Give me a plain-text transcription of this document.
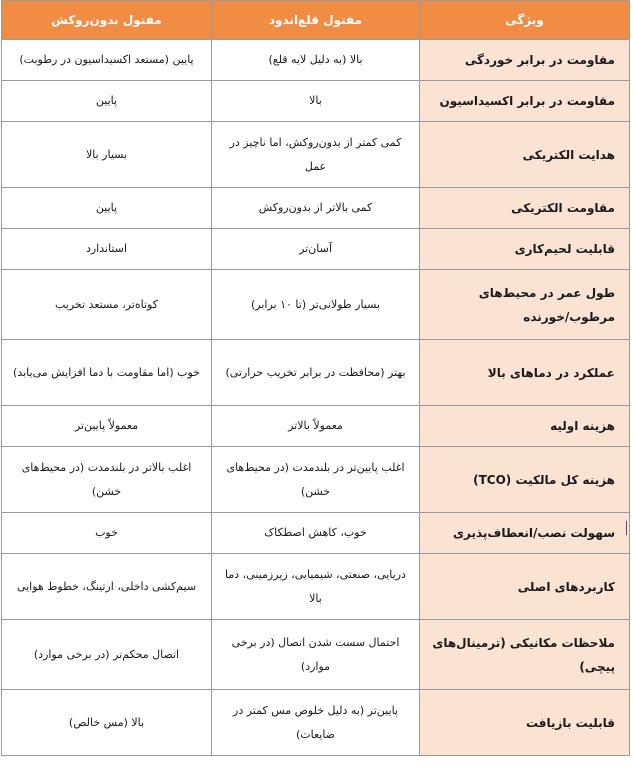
ویژگی	مفتول قلع‌اندود	مفتول بدون‌روکش
مقاومت در برابر خوردگی	بالا (به دلیل لایه قلع)	پایین (مستعد اکسیداسیون در رطوبت)
مقاومت در برابر اکسیداسیون	بالا	پایین
هدایت الکتریکی	کمی کمتر از بدون‌روکش، اما ناچیز در عمل	بسیار بالا
مقاومت الکتریکی	کمی بالاتر از بدون‌روکش	پایین
قابلیت لحیم‌کاری	آسان‌تر	استاندارد
طول عمر در محیط‌های مرطوب/خورنده	بسیار طولانی‌تر (تا ۱۰ برابر)	کوتاه‌تر، مستعد تخریب
عملکرد در دماهای بالا	بهتر (محافظت در برابر تخریب حرارتی)	خوب (اما مقاومت با دما افزایش می‌یابد)
هزینه اولیه	معمولاً بالاتر	معمولاً پایین‌تر
هزینه کل مالکیت (TCO)	اغلب پایین‌تر در بلندمدت (در محیط‌های خشن)	اغلب بالاتر در بلندمدت (در محیط‌های خشن)
سهولت نصب/انعطاف‌پذیری	خوب، کاهش اصطکاک	خوب
کاربردهای اصلی	دریایی، صنعتی، شیمیایی، زیرزمینی، دما بالا	سیم‌کشی داخلی، ارتینگ، خطوط هوایی
ملاحظات مکانیکی (ترمینال‌های پیچی)	احتمال سست شدن اتصال (در برخی موارد)	اتصال محکم‌تر (در برخی موارد)
قابلیت بازیافت	پایین‌تر (به دلیل خلوص مس کمتر در ضایعات)	بالا (مس خالص)
